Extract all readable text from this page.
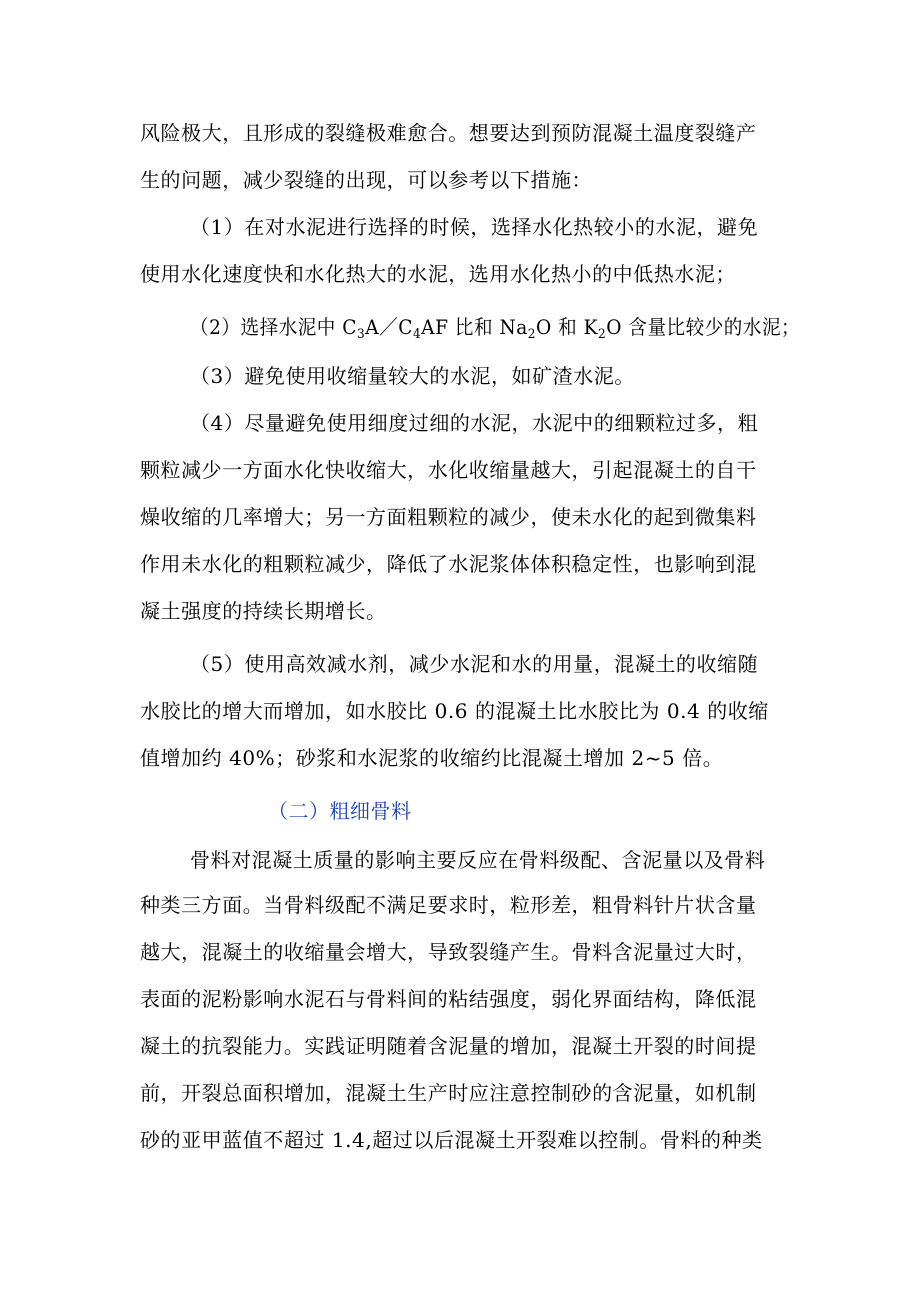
风险极大，且形成的裂缝极难愈合。想要达到预防混凝土温度裂缝产
生的问题，减少裂缝的出现，可以参考以下措施：
（1）在对水泥进行选择的时候，选择水化热较小的水泥，避免
使用水化速度快和水化热大的水泥，选用水化热小的中低热水泥；
（2）选择水泥中 $C_3A/C_4AF$ 比和 $Na_2O$ 和 $K_2O$ 含量比较少的水泥；
（3）避免使用收缩量较大的水泥，如矿渣水泥。
（4）尽量避免使用细度过细的水泥，水泥中的细颗粒过多，粗
颗粒减少一方面水化快收缩大，水化收缩量越大，引起混凝土的自干
燥收缩的几率增大；另一方面粗颗粒的减少，使未水化的起到微集料
作用未水化的粗颗粒减少，降低了水泥浆体体积稳定性，也影响到混
凝土强度的持续长期增长。
（5）使用高效减水剂，减少水泥和水的用量，混凝土的收缩随
水胶比的增大而增加，如水胶比 0.6 的混凝土比水胶比为 0.4 的收缩
值增加约 40%；砂浆和水泥浆的收缩约比混凝土增加 2~5 倍。
（二）粗细骨料
骨料对混凝土质量的影响主要反应在骨料级配、含泥量以及骨料
种类三方面。当骨料级配不满足要求时，粒形差，粗骨料针片状含量
越大，混凝土的收缩量会增大，导致裂缝产生。骨料含泥量过大时，
表面的泥粉影响水泥石与骨料间的粘结强度，弱化界面结构，降低混
凝土的抗裂能力。实践证明随着含泥量的增加，混凝土开裂的时间提
前，开裂总面积增加，混凝土生产时应注意控制砂的含泥量，如机制
砂的亚甲蓝值不超过 1.4,超过以后混凝土开裂难以控制。骨料的种类
